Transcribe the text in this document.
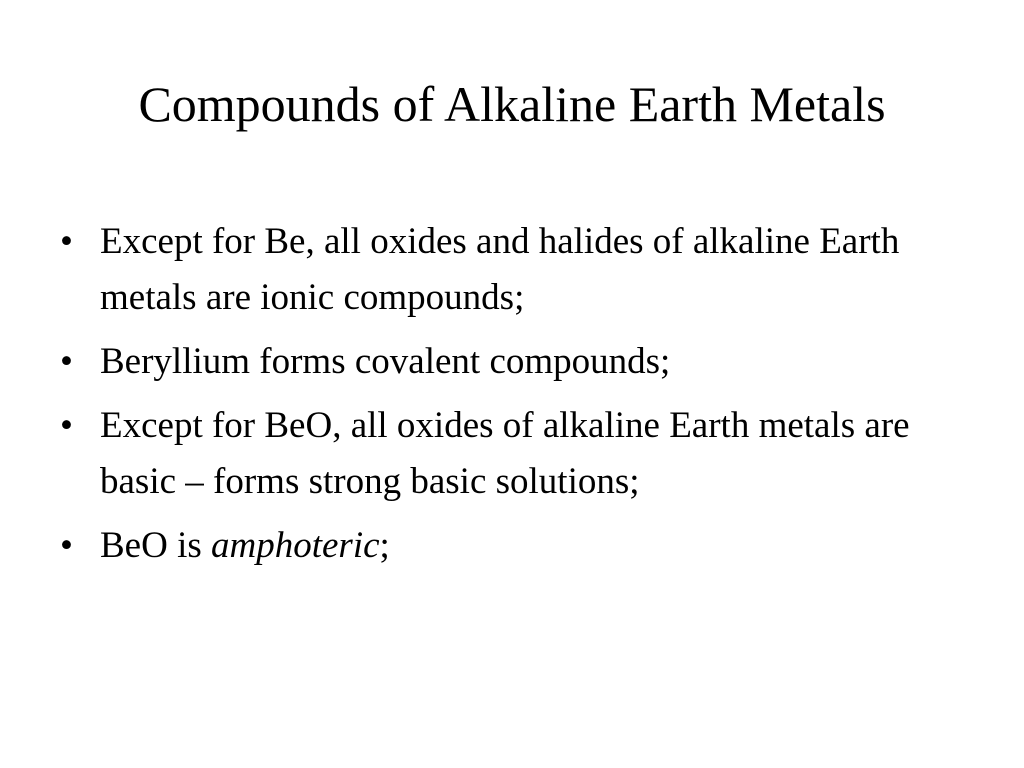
Compounds of Alkaline Earth Metals
• Except for Be, all oxides and halides of alkaline Earth metals are ionic compounds;
• Beryllium forms covalent compounds;
• Except for BeO, all oxides of alkaline Earth metals are basic – forms strong basic solutions;
• BeO is amphoteric;
